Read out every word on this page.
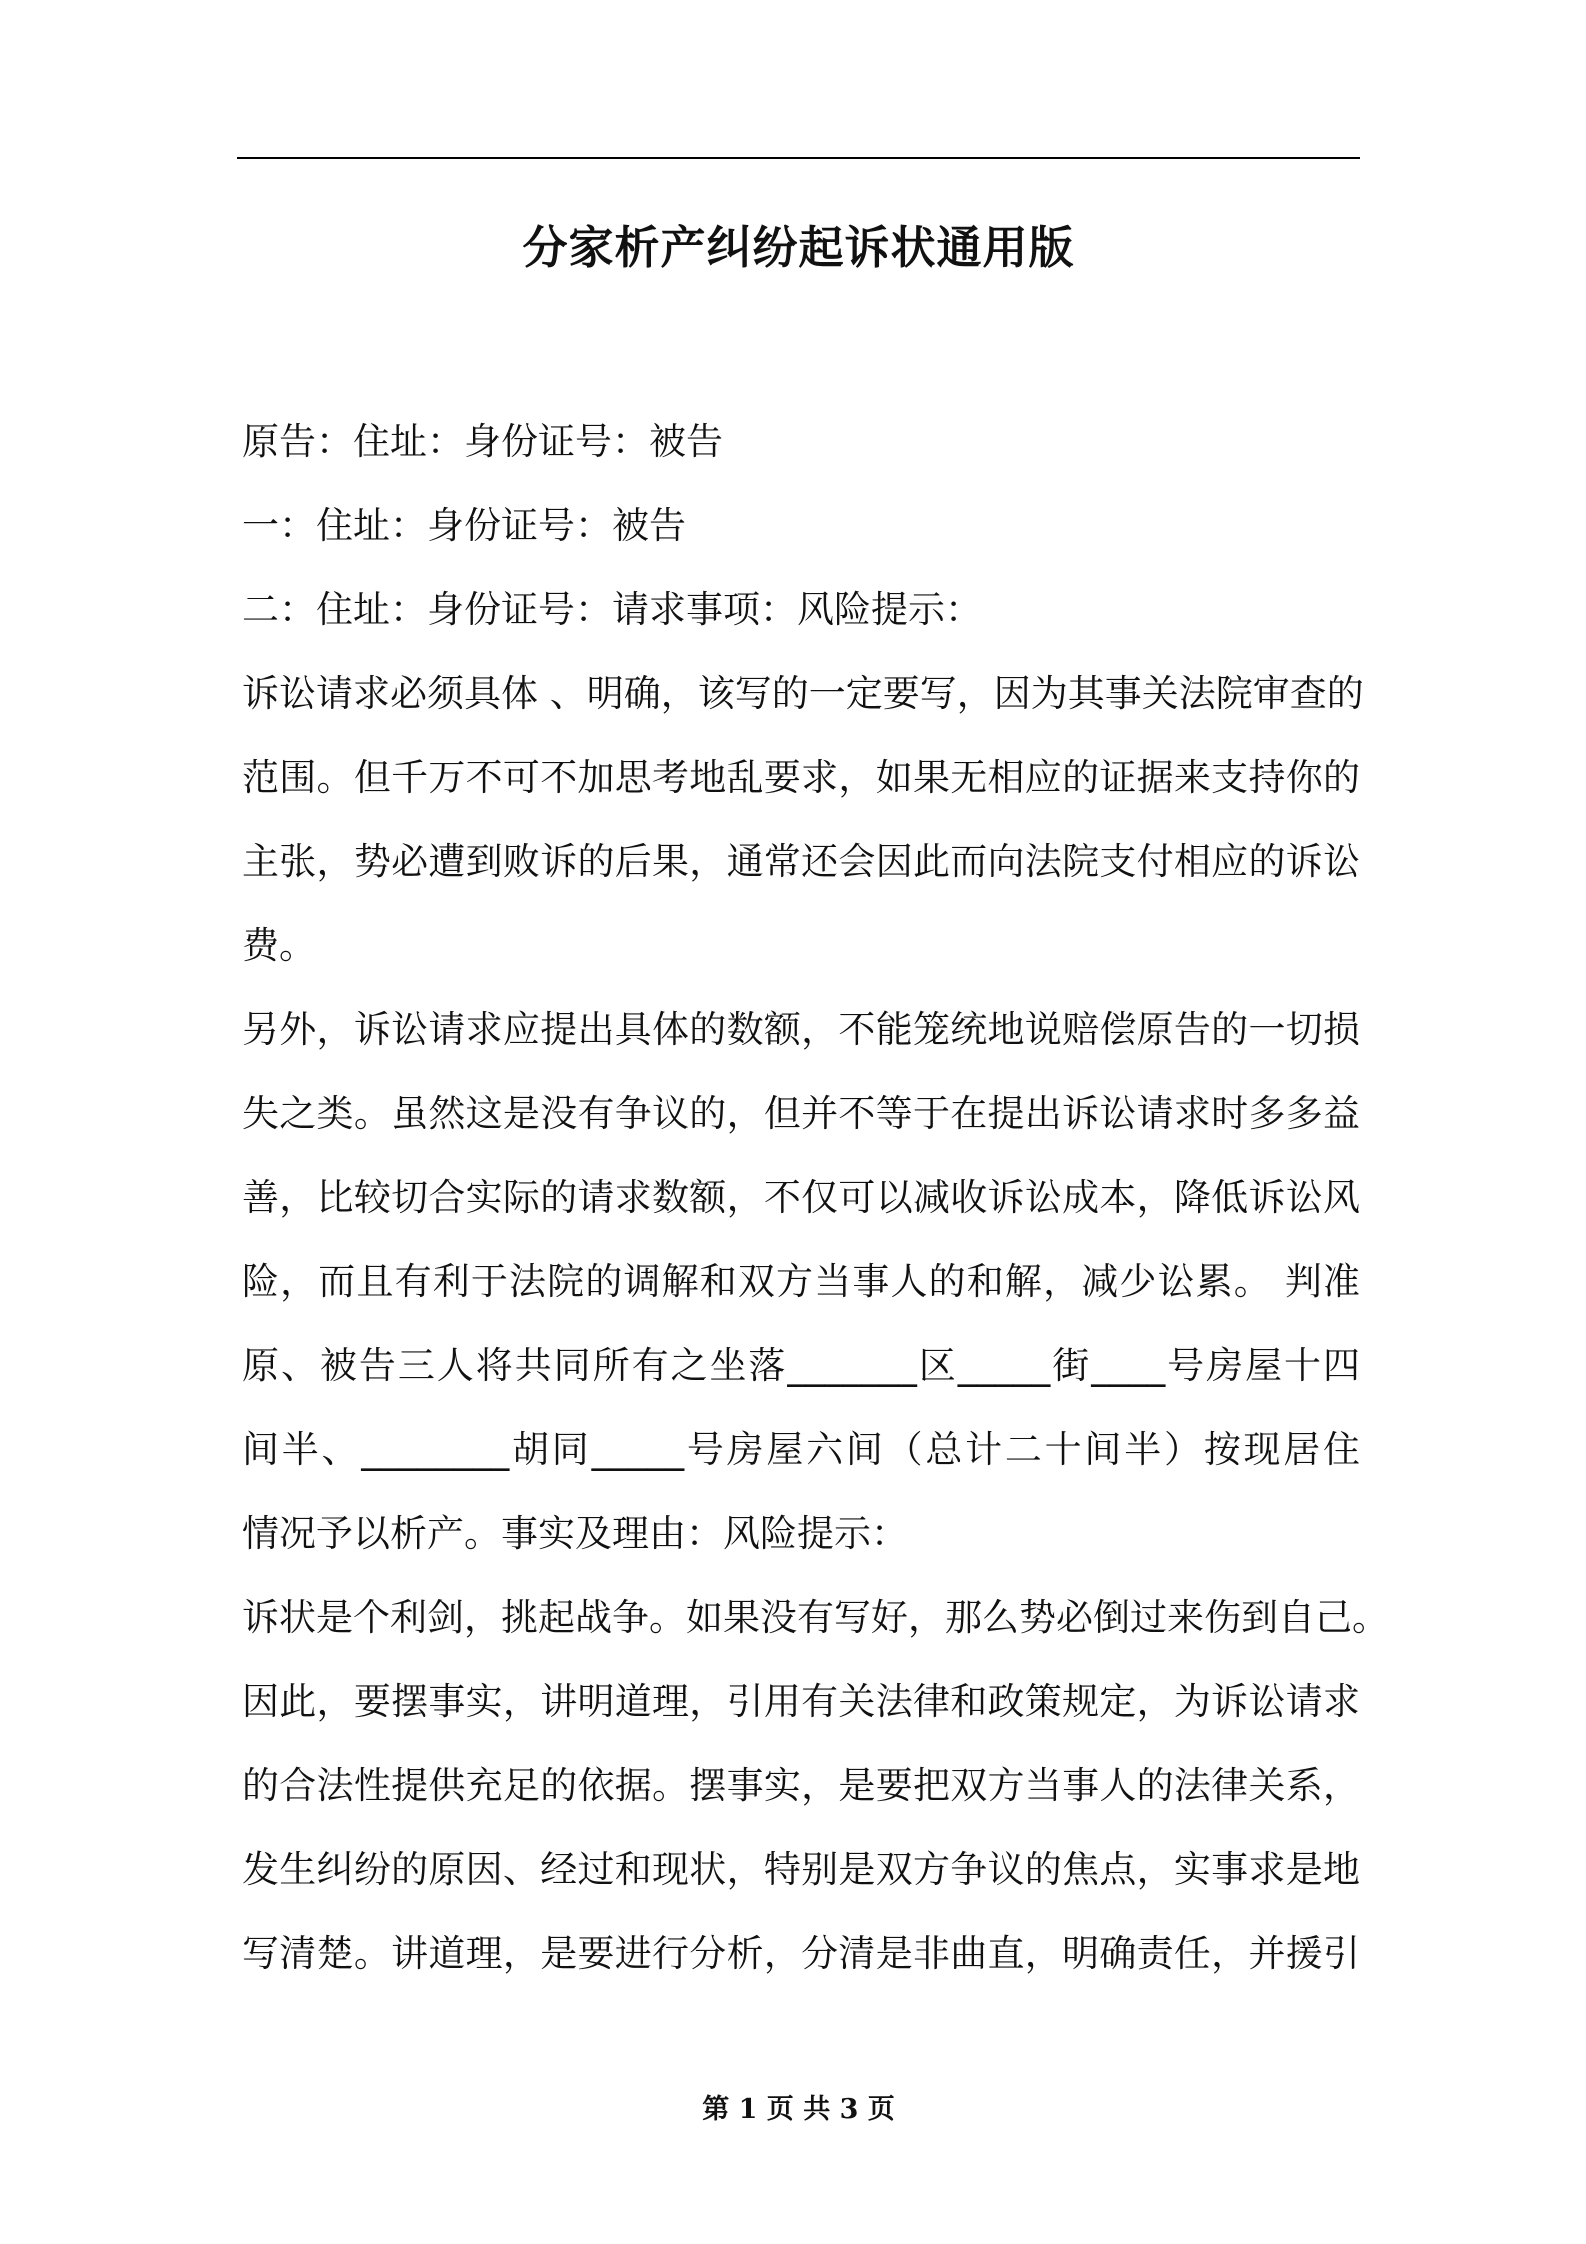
分家析产纠纷起诉状通用版
原告：住址：身份证号：被告
一：住址：身份证号：被告
二：住址：身份证号：请求事项：风险提示：
诉讼请求必须具体 、明确，该写的一定要写，因为其事关法院审查的
范围。但千万不可不加思考地乱要求，如果无相应的证据来支持你的
主张，势必遭到败诉的后果，通常还会因此而向法院支付相应的诉讼
费。
另外，诉讼请求应提出具体的数额，不能笼统地说赔偿原告的一切损
失之类。虽然这是没有争议的，但并不等于在提出诉讼请求时多多益
善，比较切合实际的请求数额，不仅可以减收诉讼成本，降低诉讼风
险，而且有利于法院的调解和双方当事人的和解，减少讼累。 判准
原、被告三人将共同所有之坐落_______区_____街____号房屋十四
间半、________胡同_____号房屋六间（总计二十间半）按现居住
情况予以析产。事实及理由：风险提示：
诉状是个利剑，挑起战争。如果没有写好，那么势必倒过来伤到自己。
因此，要摆事实，讲明道理，引用有关法律和政策规定，为诉讼请求
的合法性提供充足的依据。摆事实，是要把双方当事人的法律关系，
发生纠纷的原因、经过和现状，特别是双方争议的焦点，实事求是地
写清楚。讲道理，是要进行分析，分清是非曲直，明确责任，并援引
第 1 页 共 3 页
